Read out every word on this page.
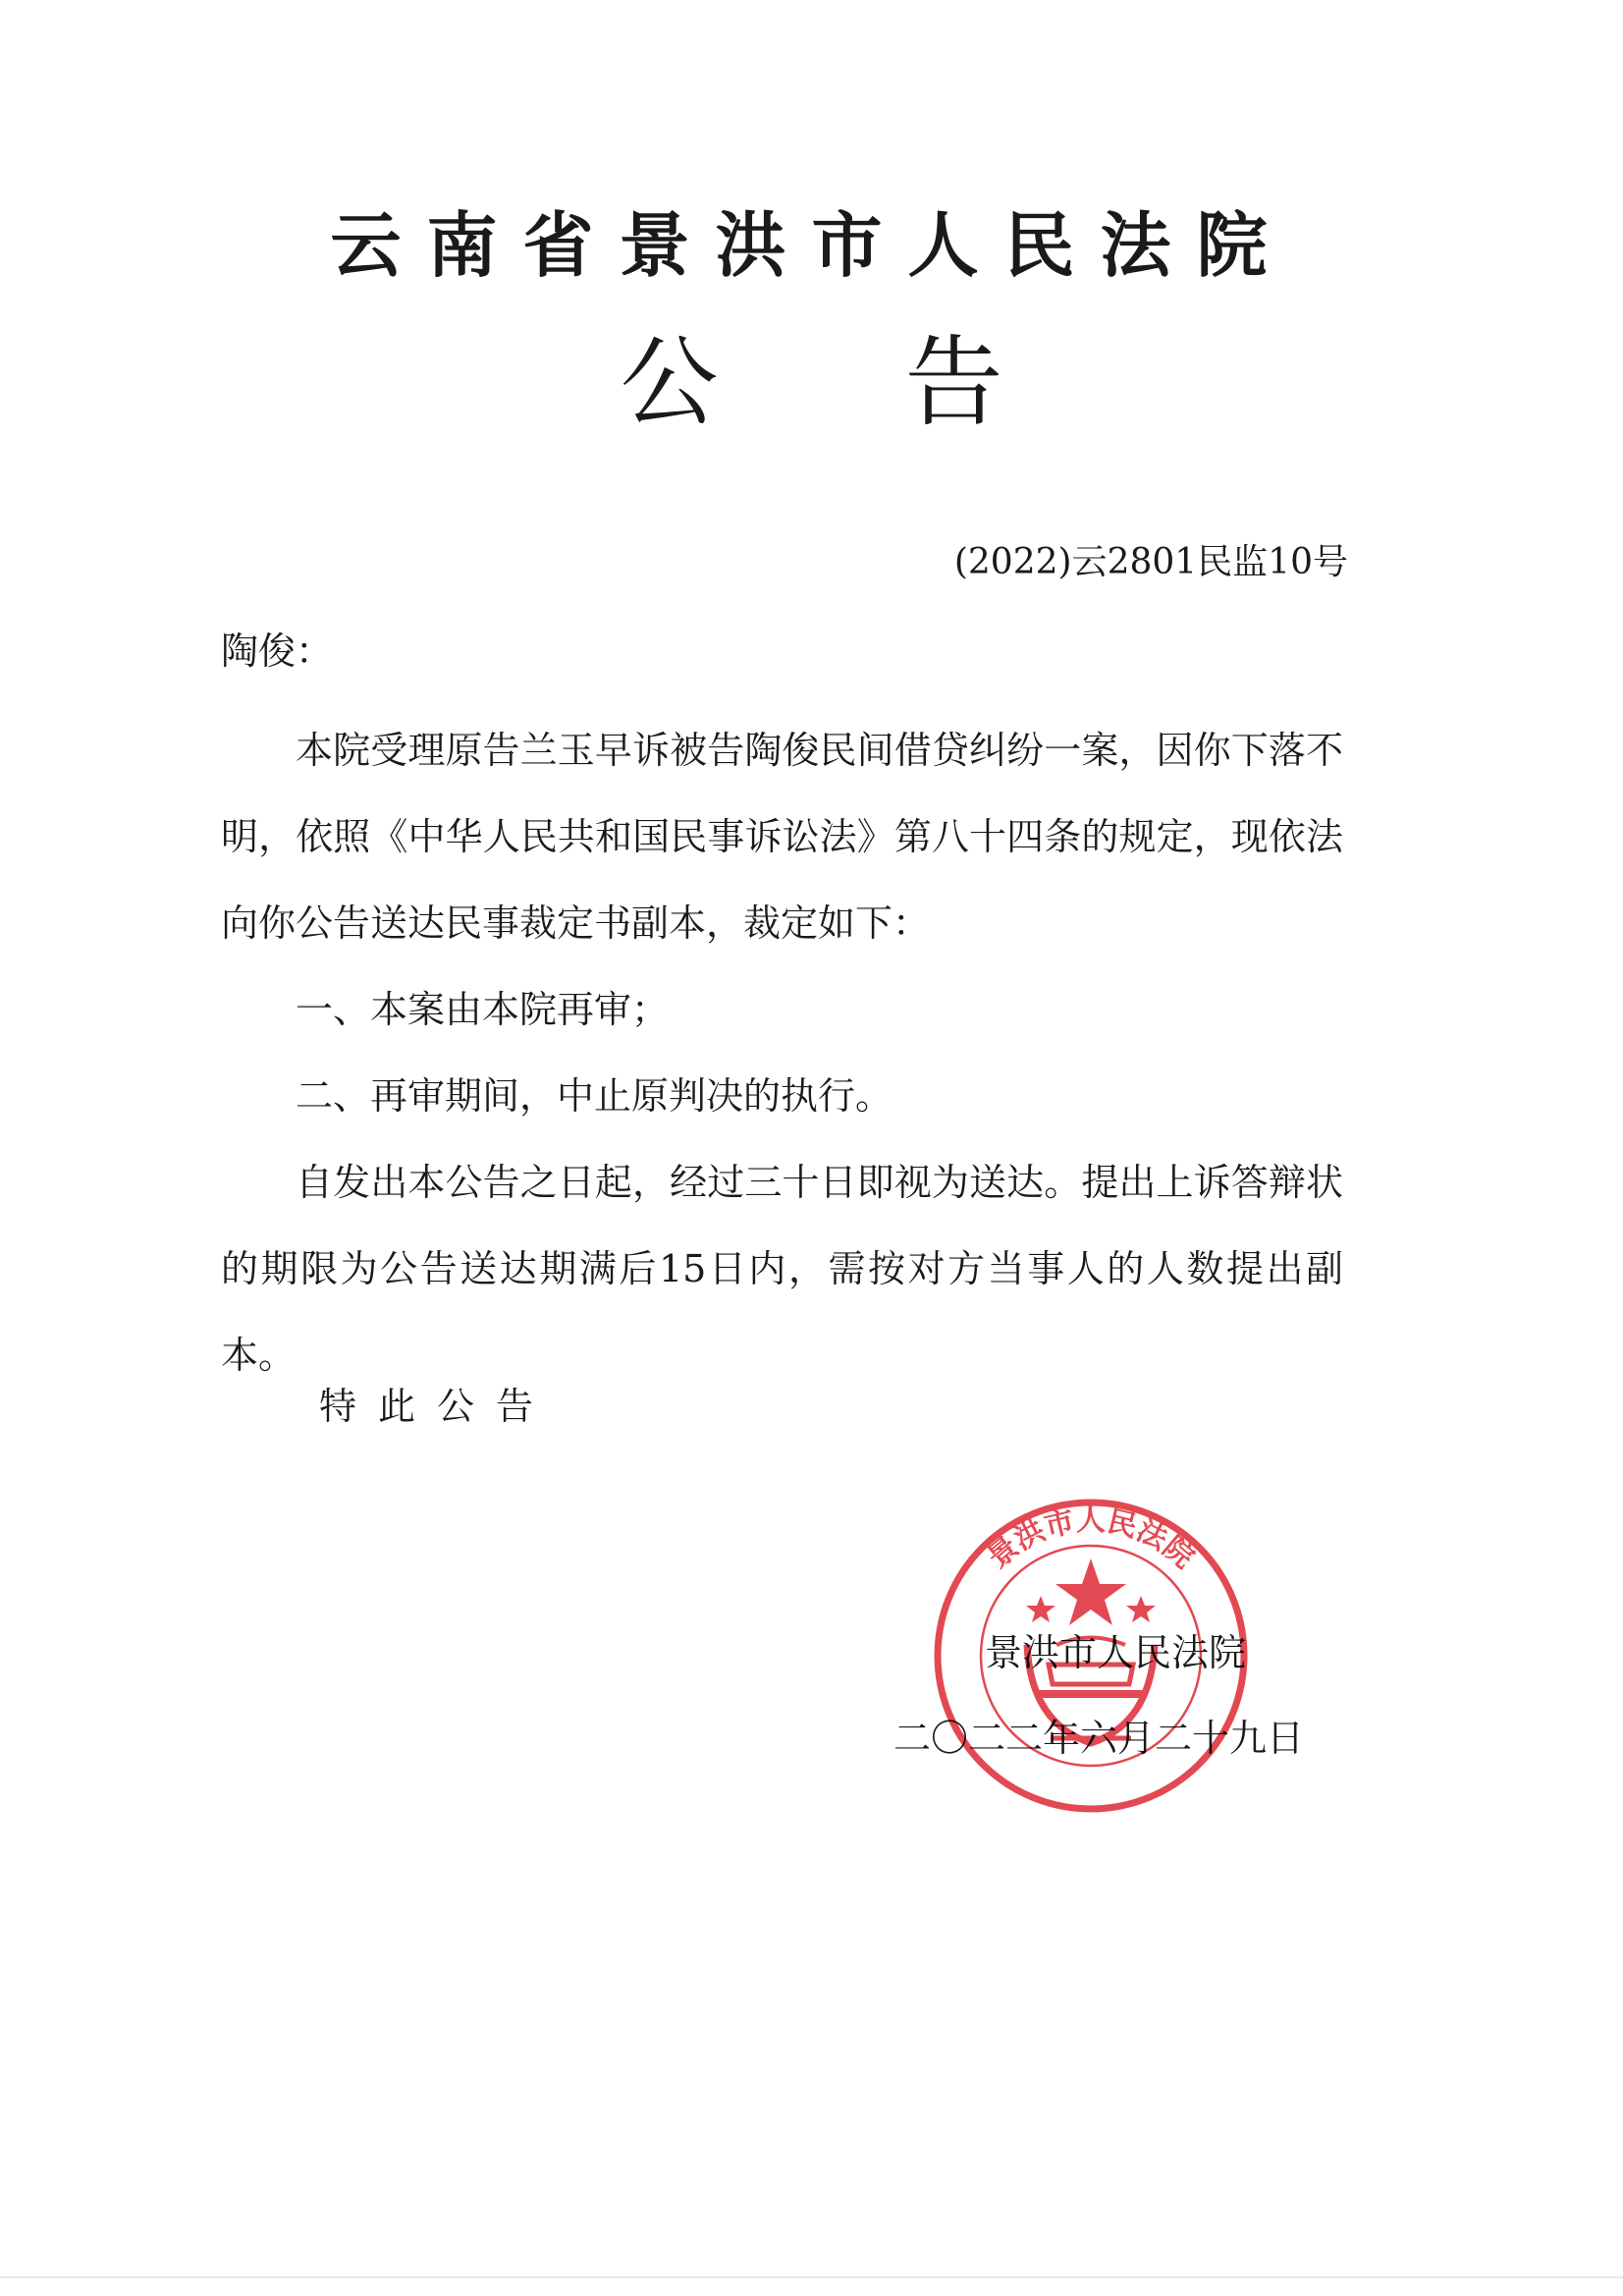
云南省景洪市人民法院
公 告
(2022)云2801民监10号
陶俊：

本院受理原告兰玉早诉被告陶俊民间借贷纠纷一案，因你下落不明，依照《中华人民共和国民事诉讼法》第八十四条的规定，现依法向你公告送达民事裁定书副本，裁定如下：

一、本案由本院再审；

二、再审期间，中止原判决的执行。

自发出本公告之日起，经过三十日即视为送达。提出上诉答辩状的期限为公告送达期满后15日内，需按对方当事人的人数提出副本。

特此公告
景洪市人民法院
二〇二二年六月二十九日
景洪市人民法院
